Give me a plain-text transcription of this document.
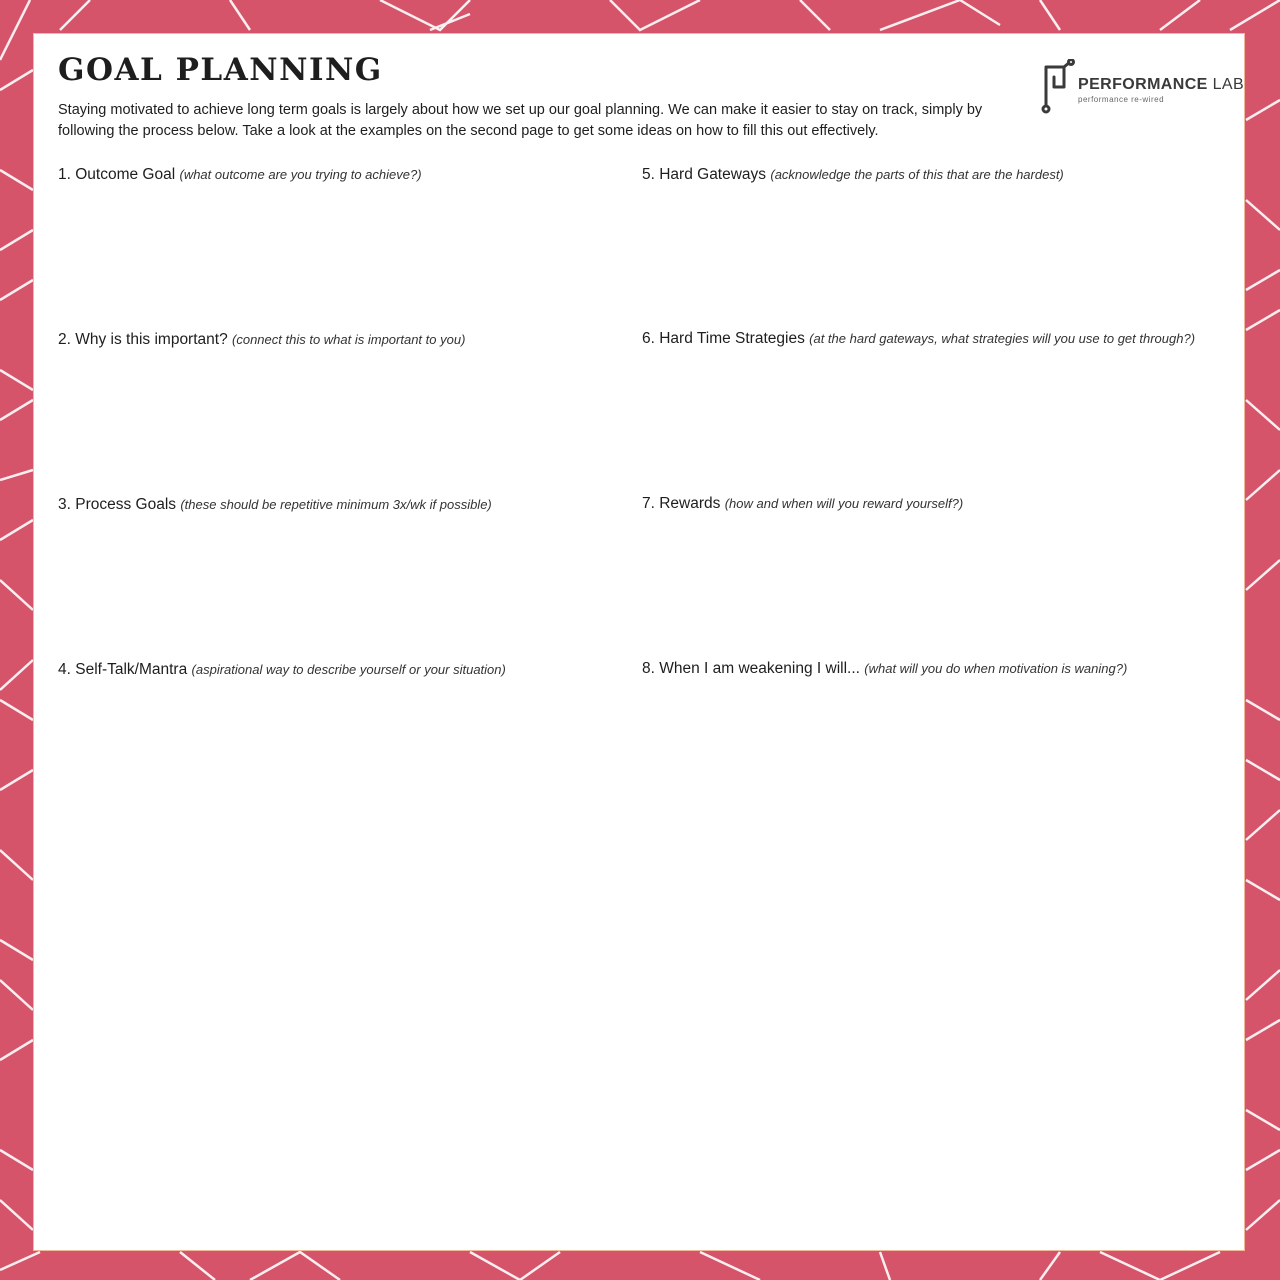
GOAL PLANNING

Staying motivated to achieve long term goals is largely about how we set up our goal planning. We can make it easier to stay on track, simply by following the process below. Take a look at the examples on the second page to get some ideas on how to fill this out effectively.

PERFORMANCE LAB
performance re-wired
1. Outcome Goal (what outcome are you trying to achieve?)
2. Why is this important? (connect this to what is important to you)
3. Process Goals (these should be repetitive minimum 3x/wk if possible)
4. Self-Talk/Mantra (aspirational way to describe yourself or your situation)
5. Hard Gateways (acknowledge the parts of this that are the hardest)
6. Hard Time Strategies (at the hard gateways, what strategies will you use to get through?)
7. Rewards (how and when will you reward yourself?)
8. When I am weakening I will... (what will you do when motivation is waning?)
